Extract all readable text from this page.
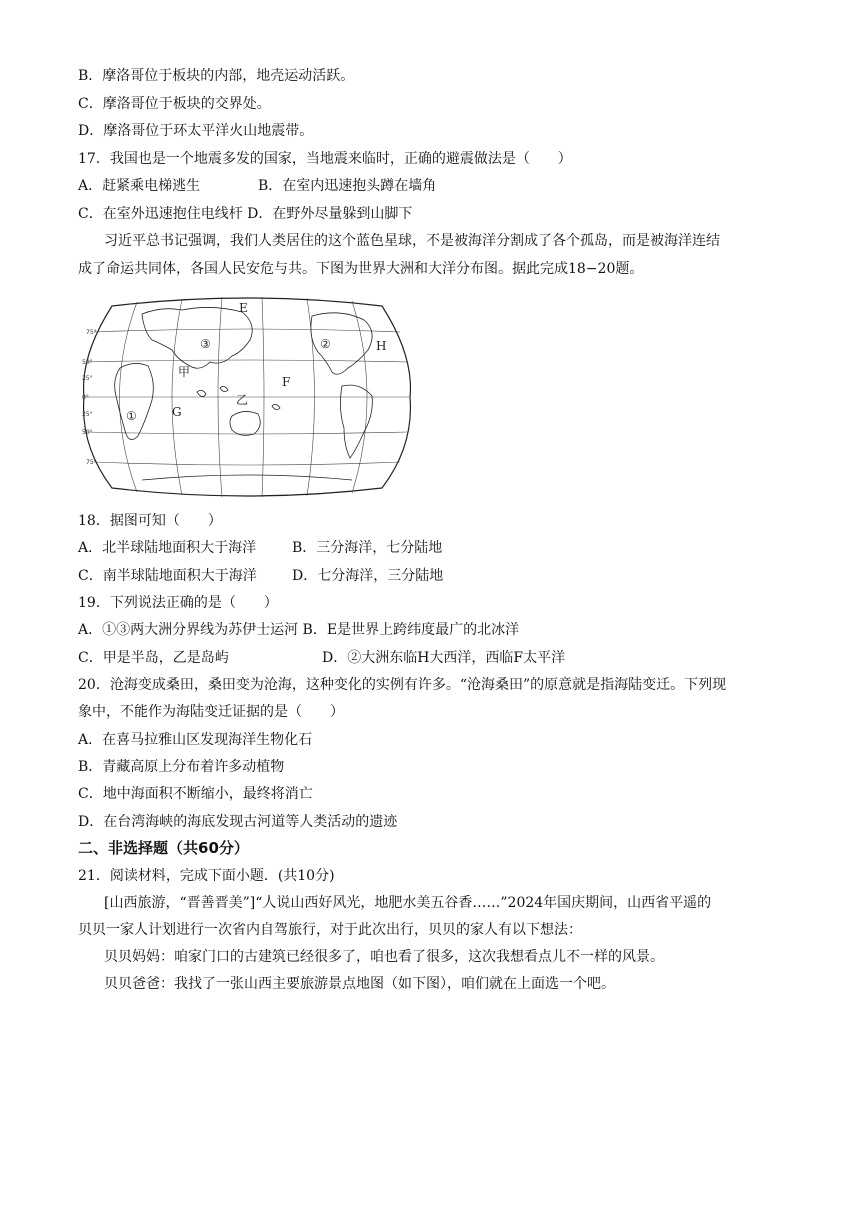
B．摩洛哥位于板块的内部，地壳运动活跃。
C．摩洛哥位于板块的交界处。
D．摩洛哥位于环太平洋火山地震带。
17．我国也是一个地震多发的国家，当地震来临时，正确的避震做法是（　　）
A．赶紧乘电梯逃生	B．在室内迅速抱头蹲在墙角
C．在室外迅速抱住电线杆 D．在野外尽量躲到山脚下
习近平总书记强调，我们人类居住的这个蓝色星球，不是被海洋分割成了各个孤岛，而是被海洋连结
成了命运共同体，各国人民安危与共。下图为世界大洲和大洋分布图。据此完成18−20题。
75°
50°
25°
0°
25°
50°
75°
E
F
G
H
①
②
③
甲
乙
18．据图可知（　　）
A．北半球陆地面积大于海洋	B．三分海洋，七分陆地
C．南半球陆地面积大于海洋	D．七分海洋，三分陆地
19．下列说法正确的是（　　）
A．①③两大洲分界线为苏伊士运河 B．E是世界上跨纬度最广的北冰洋
C．甲是半岛，乙是岛屿	D．②大洲东临H大西洋，西临F太平洋
20．沧海变成桑田，桑田变为沧海，这种变化的实例有许多。“沧海桑田”的原意就是指海陆变迁。下列现
象中，不能作为海陆变迁证据的是（　　）
A．在喜马拉雅山区发现海洋生物化石
B．青藏高原上分布着许多动植物
C．地中海面积不断缩小，最终将消亡
D．在台湾海峡的海底发现古河道等人类活动的遗迹
二、非选择题（共60分）
21．阅读材料，完成下面小题．(共10分)
[山西旅游，“晋善晋美”]“人说山西好风光，地肥水美五谷香……”2024年国庆期间，山西省平遥的
贝贝一家人计划进行一次省内自驾旅行，对于此次出行，贝贝的家人有以下想法：
贝贝妈妈：咱家门口的古建筑已经很多了，咱也看了很多，这次我想看点儿不一样的风景。
贝贝爸爸：我找了一张山西主要旅游景点地图（如下图），咱们就在上面选一个吧。
